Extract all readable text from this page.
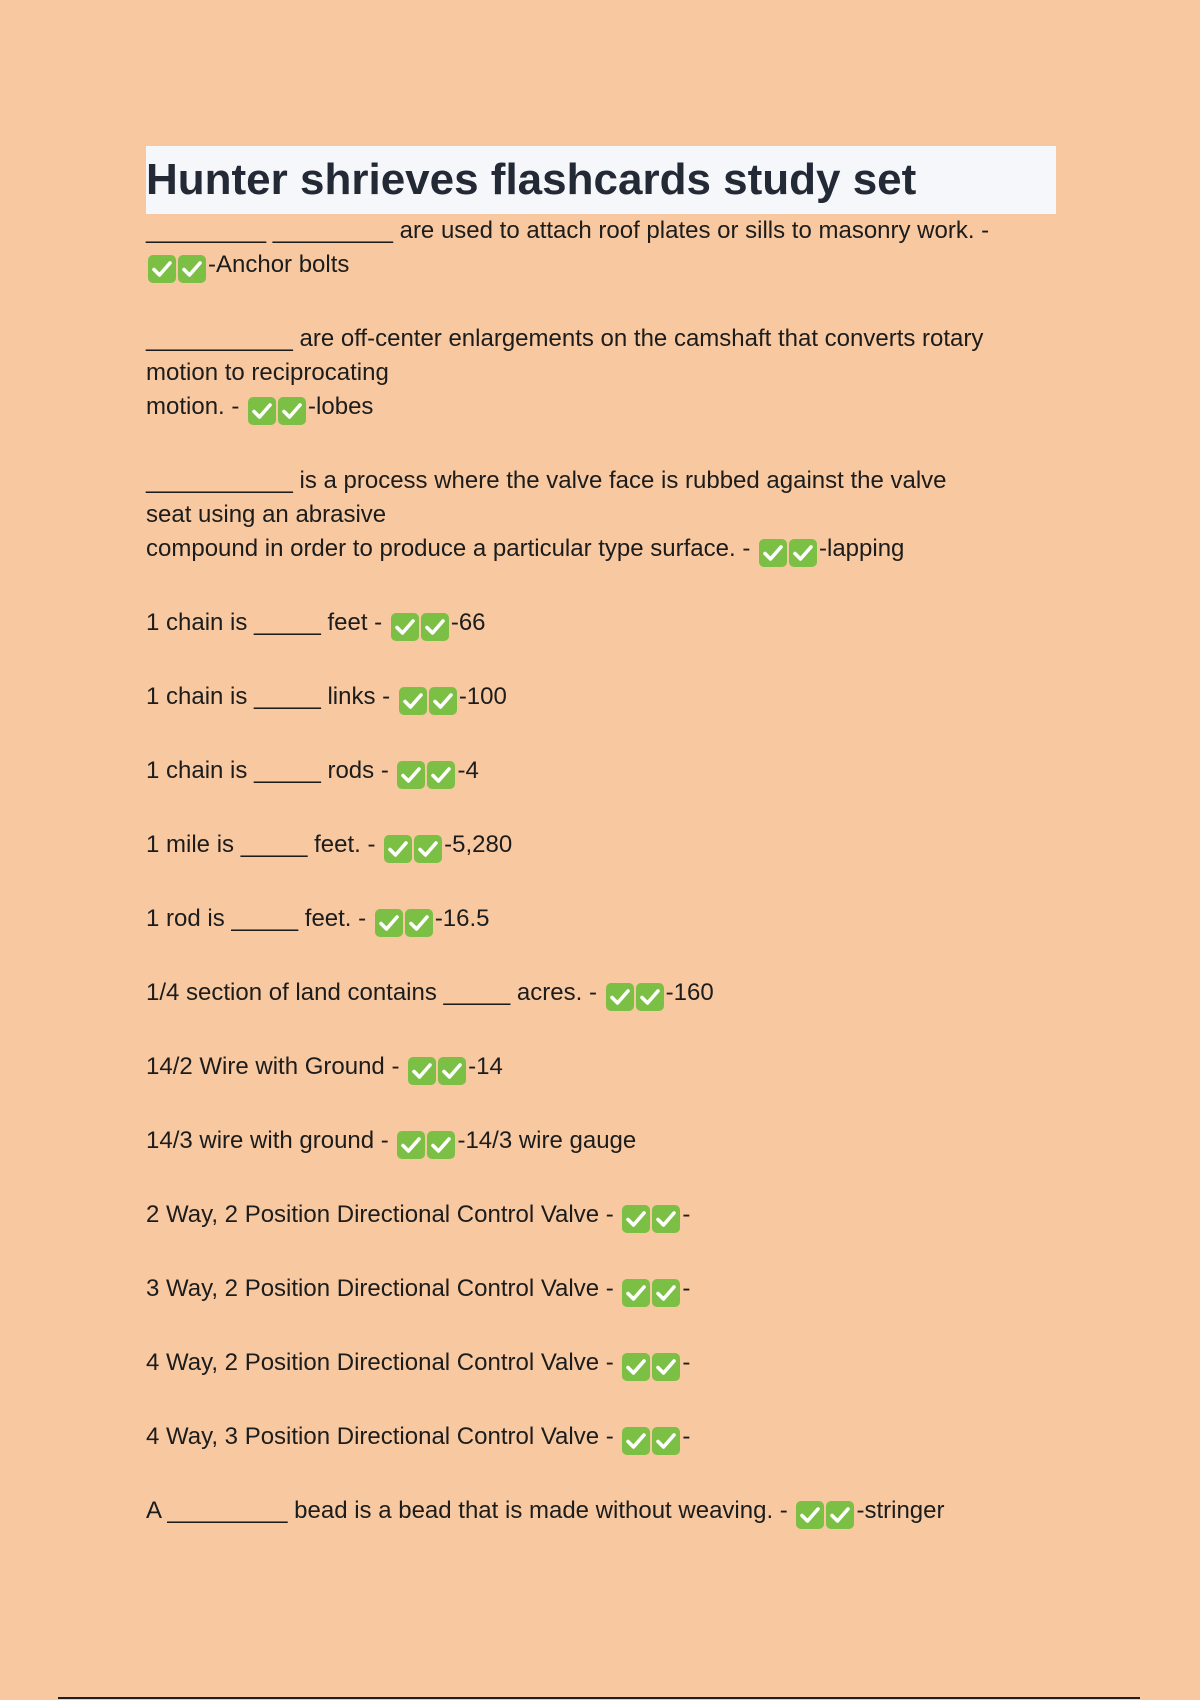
Hunter shrieves flashcards study set

_________ _________ are used to attach roof plates or sills to masonry work. -

-Anchor bolts

___________ are off-center enlargements on the camshaft that converts rotary

motion to reciprocating

motion. -	-lobes

___________ is a process where the valve face is rubbed against the valve

seat using an abrasive

compound in order to produce a particular type surface. -	-lapping

1 chain is _____ feet -	-66

1 chain is _____ links -	-100

1 chain is _____ rods -	-4

1 mile is _____ feet. -	-5,280

1 rod is _____ feet. -	-16.5

1/4 section of land contains _____ acres. -	-160

14/2 Wire with Ground -	-14

14/3 wire with ground -	-14/3 wire gauge

2 Way, 2 Position Directional Control Valve -	-

3 Way, 2 Position Directional Control Valve -	-

4 Way, 2 Position Directional Control Valve -	-

4 Way, 3 Position Directional Control Valve -	-

A _________ bead is a bead that is made without weaving. -	-stringer
